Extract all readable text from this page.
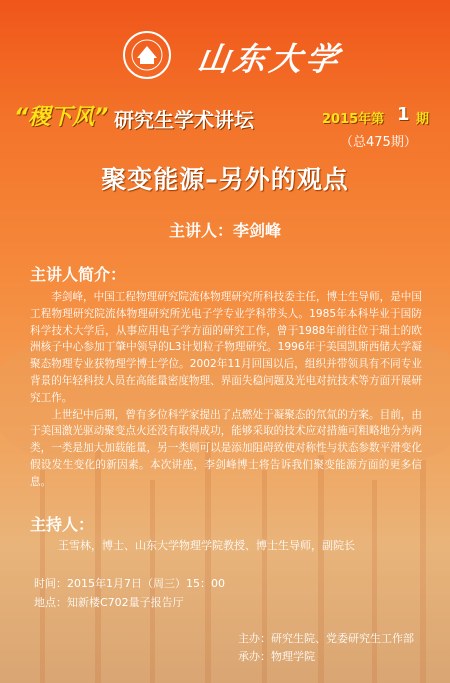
山东大学
“稷下风” 研究生学术讲坛	2015年第 1 期
（总475期）
聚变能源–另外的观点
主讲人：李剑峰
主讲人简介：

李剑峰，中国工程物理研究院流体物理研究所科技委主任，博士生导师，是中国工程物理研究院流体物理研究所光电子学专业学科带头人。1985年本科毕业于国防科学技术大学后，从事应用电子学方面的研究工作，曾于1988年前往位于瑞士的欧洲核子中心参加丁肇中领导的L3计划粒子物理研究。1996年于美国凯斯西储大学凝聚态物理专业获物理学博士学位。2002年11月回国以后，组织并带领具有不同专业背景的年轻科技人员在高能量密度物理、界面失稳问题及光电对抗技术等方面开展研究工作。

上世纪中后期，曾有多位科学家提出了点燃处于凝聚态的氘氚的方案。目前，由于美国激光驱动聚变点火还没有取得成功，能够采取的技术应对措施可粗略地分为两类，一类是加大加载能量，另一类则可以是添加阻碍致使对称性与状态参数平滑变化假设发生变化的新因素。本次讲座，李剑峰博士将告诉我们聚变能源方面的更多信息。

主持人：
王雪林，博士、山东大学物理学院教授、博士生导师，副院长
时间：2015年1月7日（周三）15：00
地点：知新楼C702量子报告厅
主办：研究生院、党委研究生工作部
承办：物理学院
